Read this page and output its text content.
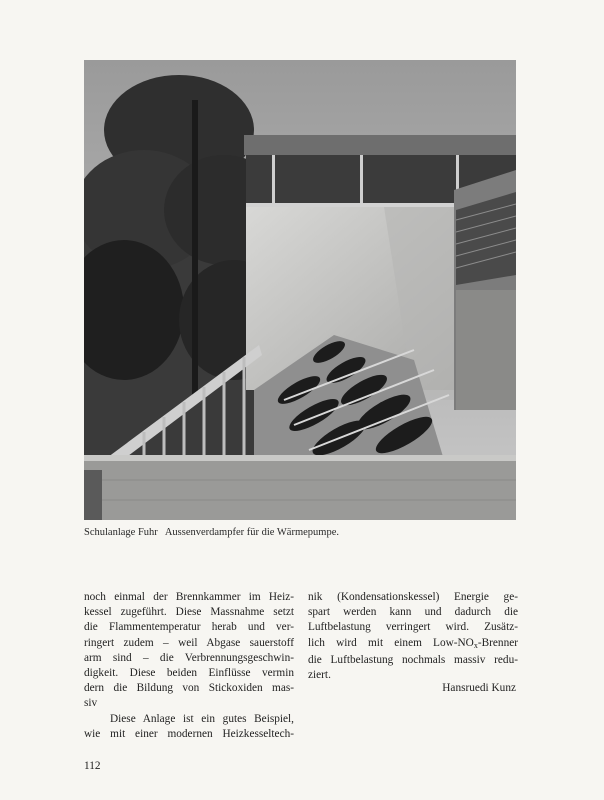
Schulanlage Fuhr Aussenverdampfer für die Wärmepumpe.
noch einmal der Brennkammer im Heiz-
kessel zugeführt. Diese Massnahme setzt
die Flammentemperatur herab und ver-
ringert zudem – weil Abgase sauerstoff
arm sind – die Verbrennungsgeschwin-
digkeit. Diese beiden Einflüsse vermin
dern die Bildung von Stickoxiden mas-
siv
Diese Anlage ist ein gutes Beispiel,
wie mit einer modernen Heizkesseltech-
nik (Kondensationskessel) Energie ge-
spart werden kann und dadurch die
Luftbelastung verringert wird. Zusätz-
lich wird mit einem Low-$NO_x$-Brenner
die Luftbelastung nochmals massiv redu-
ziert.
Hansruedi Kunz
112
